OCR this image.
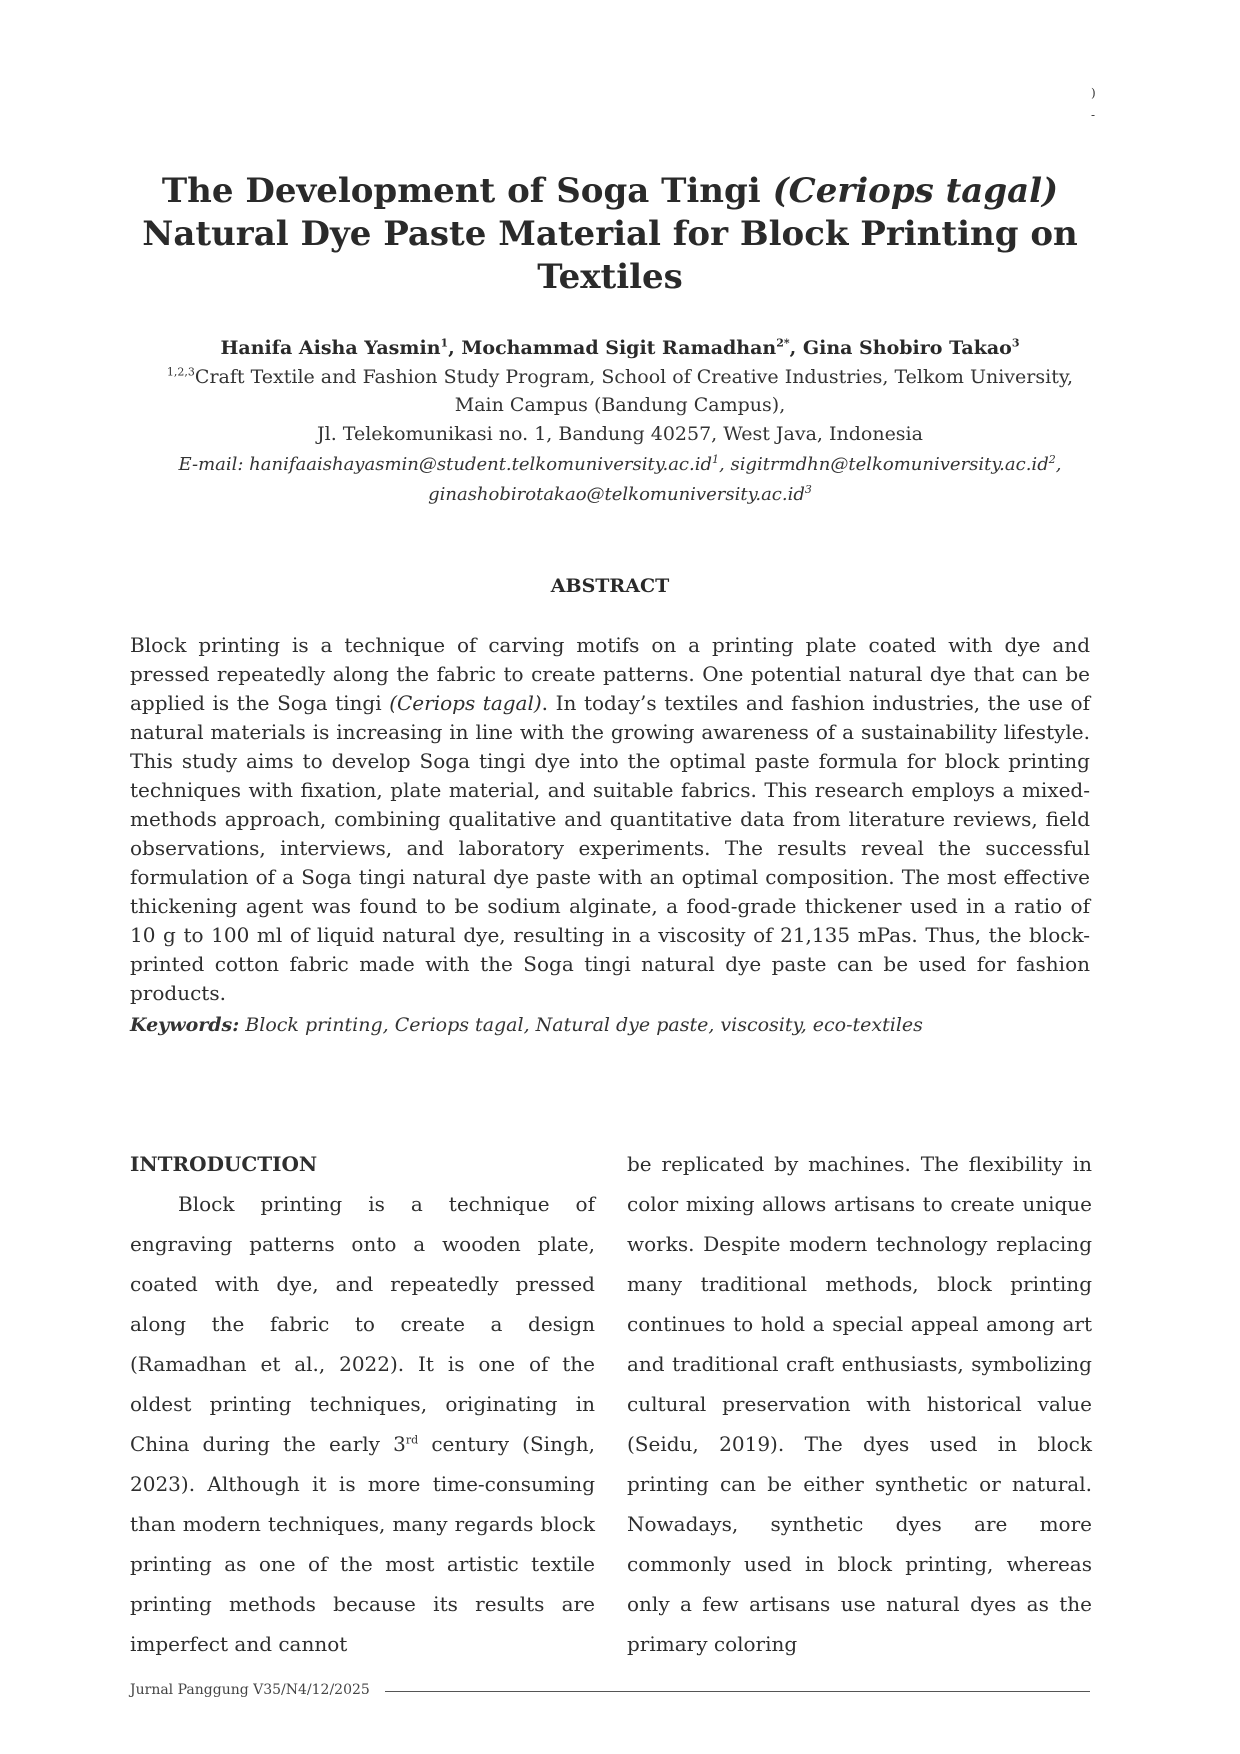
)
-
The Development of Soga Tingi (Ceriops tagal)
Natural Dye Paste Material for Block Printing on
Textiles
Hanifa Aisha Yasmin$^1$, Mochammad Sigit Ramadhan$^{2*}$, Gina Shobiro Takao$^3$
$^{1,2,3}$Craft Textile and Fashion Study Program, School of Creative Industries, Telkom University,
Main Campus (Bandung Campus),
Jl. Telekomunikasi no. 1, Bandung 40257, West Java, Indonesia
E-mail: $hanifaaishayasmin@student.telkomuniversity.ac.id^1$, $sigitrmdhn@telkomuniversity.ac.id^2$,
$ginashobirotakao@telkomuniversity.ac.id^3$
ABSTRACT

Block printing is a technique of carving motifs on a printing plate coated with dye and pressed repeatedly along the fabric to create patterns. One potential natural dye that can be applied is the Soga tingi (Ceriops tagal). In today’s textiles and fashion industries, the use of natural materials is increasing in line with the growing awareness of a sustainability lifestyle. This study aims to develop Soga tingi dye into the optimal paste formula for block printing techniques with fixation, plate material, and suitable fabrics. This research employs a mixed-methods approach, combining qualitative and quantitative data from literature reviews, field observations, interviews, and laboratory experiments. The results reveal the successful formulation of a Soga tingi natural dye paste with an optimal composition. The most effective thickening agent was found to be sodium alginate, a food-grade thickener used in a ratio of 10 g to 100 ml of liquid natural dye, resulting in a viscosity of 21,135 mPas. Thus, the block-printed cotton fabric made with the Soga tingi natural dye paste can be used for fashion products.

Keywords: Block printing, Ceriops tagal, Natural dye paste, viscosity, eco-textiles
INTRODUCTION

Block printing is a technique of engraving patterns onto a wooden plate, coated with dye, and repeatedly pressed along the fabric to create a design (Ramadhan et al., 2022). It is one of the oldest printing techniques, originating in China during the early 3rd century (Singh, 2023). Although it is more time-consuming than modern techniques, many regards block printing as one of the most artistic textile printing methods because its results are imperfect and cannot

be replicated by machines. The flexibility in color mixing allows artisans to create unique works. Despite modern technology replacing many traditional methods, block printing continues to hold a special appeal among art and traditional craft enthusiasts, symbolizing cultural preservation with historical value (Seidu, 2019). The dyes used in block printing can be either synthetic or natural. Nowadays, synthetic dyes are more commonly used in block printing, whereas only a few artisans use natural dyes as the primary coloring

Jurnal Panggung V35/N4/12/2025
